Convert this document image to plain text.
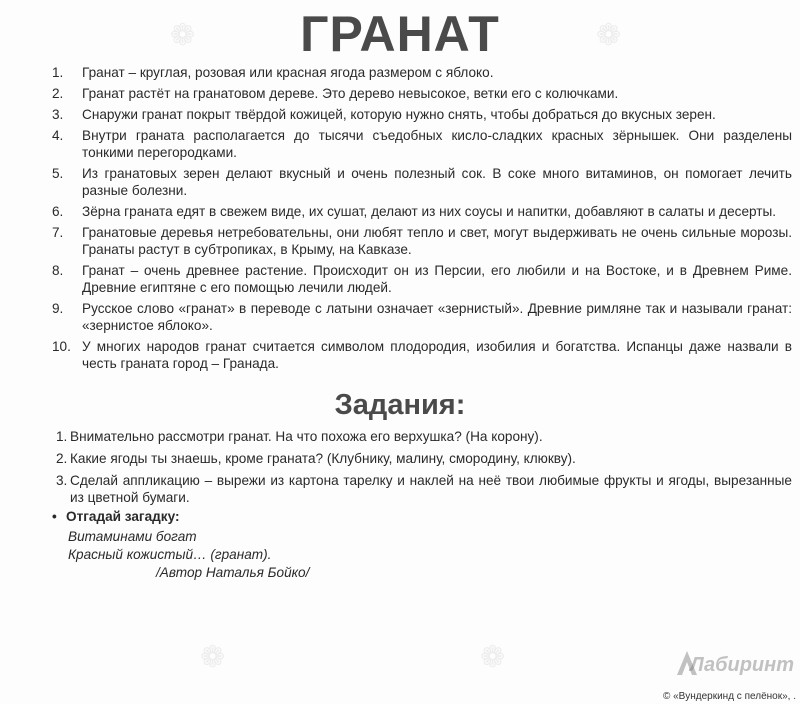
❁	❁
❁	❁
ГРАНАТ
1.	Гранат – круглая, розовая или красная ягода размером с яблоко.
2.	Гранат растёт на гранатовом дереве. Это дерево невысокое, ветки его с колючками.
3.	Снаружи гранат покрыт твёрдой кожицей, которую нужно снять, чтобы добраться до вкусных зерен.
4.	Внутри граната располагается до тысячи съедобных кисло-сладких красных зёрнышек. Они разделены тонкими перегородками.
5.	Из гранатовых зерен делают вкусный и очень полезный сок. В соке много витаминов, он помогает лечить разные болезни.
6.	Зёрна граната едят в свежем виде, их сушат, делают из них соусы и напитки, добавляют в салаты и десерты.
7.	Гранатовые деревья нетребовательны, они любят тепло и свет, могут выдерживать не очень сильные морозы. Гранаты растут в субтропиках, в Крыму, на Кавказе.
8.	Гранат – очень древнее растение. Происходит он из Персии, его любили и на Востоке, и в Древнем Риме. Древние египтяне с его помощью лечили людей.
9.	Русское слово «гранат» в переводе с латыни означает «зернистый». Древние римляне так и называли гранат: «зернистое яблоко».
10. У многих народов гранат считается символом плодородия, изобилия и богатства. Испанцы даже назвали в честь граната город – Гранада.
Задания:
1. Внимательно рассмотри гранат. На что похожа его верхушка? (На корону).
2. Какие ягоды ты знаешь, кроме граната? (Клубнику, малину, смородину, клюкву).
3. Сделай аппликацию – вырежи из картона тарелку и наклей на неё твои любимые фрукты и ягоды, вырезанные из цветной бумаги.
• Отгадай загадку:
Витаминами богат
Красный кожистый… (гранат).
/Автор Наталья Бойко/
Лабиринт
© «Вундеркинд с пелёнок», .
